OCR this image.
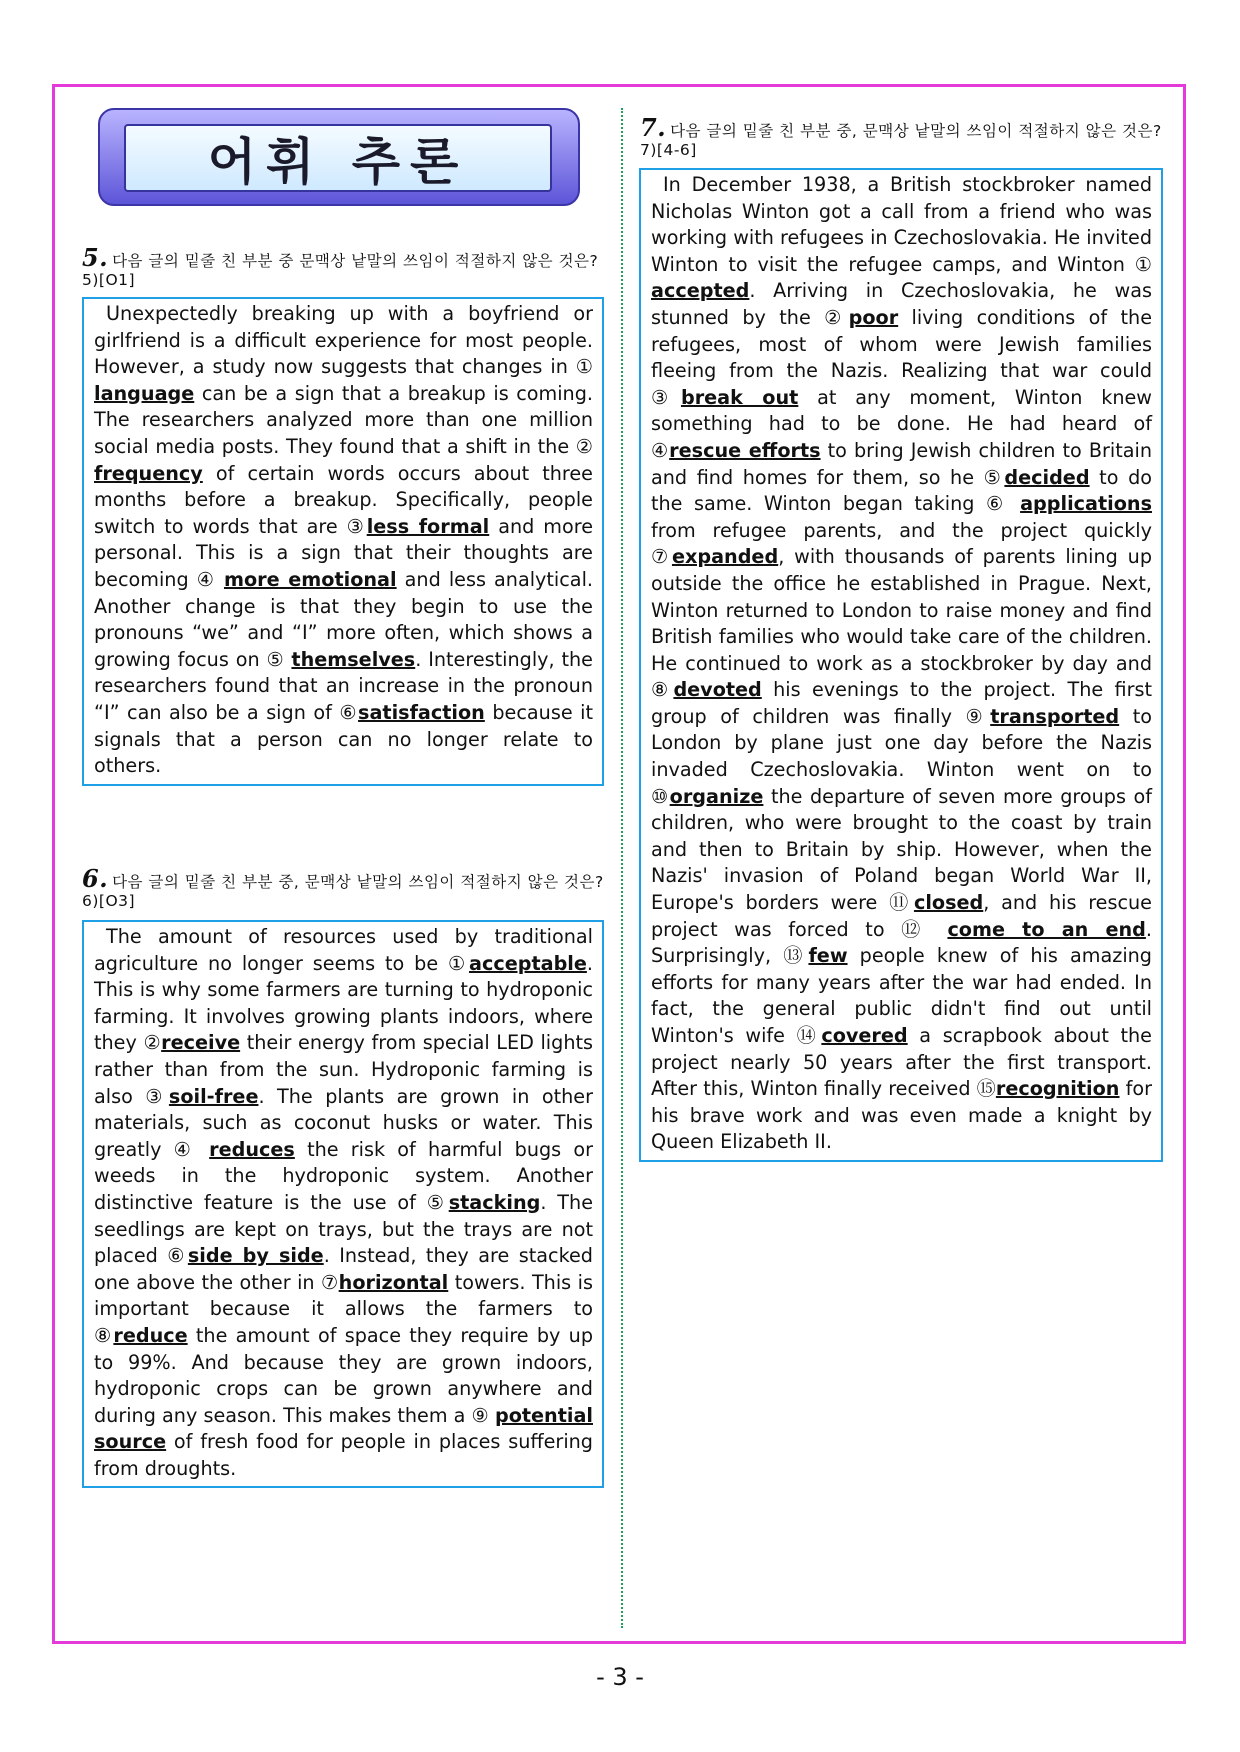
어휘 추론
5. 다음 글의 밑줄 친 부분 중 문맥상 낱말의 쓰임이 적절하지 않은 것은?5)[O1]
Unexpectedly breaking up with a boyfriend or girlfriend is a difficult experience for most people. However, a study now suggests that changes in ① language can be a sign that a breakup is coming. The researchers analyzed more than one million social media posts. They found that a shift in the ② frequency of certain words occurs about three months before a breakup. Specifically, people switch to words that are ③less formal and more personal. This is a sign that their thoughts are becoming ④ more emotional and less analytical. Another change is that they begin to use the pronouns “we” and “I” more often, which shows a growing focus on ⑤ themselves. Interestingly, the researchers found that an increase in the pronoun “I” can also be a sign of ⑥satisfaction because it signals that a person can no longer relate to others.
6. 다음 글의 밑줄 친 부분 중, 문맥상 낱말의 쓰임이 적절하지 않은 것은?6)[O3]
The amount of resources used by traditional agriculture no longer seems to be ①acceptable. This is why some farmers are turning to hydroponic farming. It involves growing plants indoors, where they ②receive their energy from special LED lights rather than from the sun. Hydroponic farming is also ③soil-free. The plants are grown in other materials, such as coconut husks or water. This greatly ④ reduces the risk of harmful bugs or weeds in the hydroponic system. Another distinctive feature is the use of ⑤stacking. The seedlings are kept on trays, but the trays are not placed ⑥side by side. Instead, they are stacked one above the other in ⑦horizontal towers. This is important because it allows the farmers to ⑧reduce the amount of space they require by up to 99%. And because they are grown indoors, hydroponic crops can be grown anywhere and during any season. This makes them a ⑨ potential source of fresh food for people in places suffering from droughts.
7. 다음 글의 밑줄 친 부분 중, 문맥상 낱말의 쓰임이 적절하지 않은 것은?7)[4-6]
In December 1938, a British stockbroker named Nicholas Winton got a call from a friend who was working with refugees in Czechoslovakia. He invited Winton to visit the refugee camps, and Winton ① accepted. Arriving in Czechoslovakia, he was stunned by the ②poor living conditions of the refugees, most of whom were Jewish families fleeing from the Nazis. Realizing that war could ③break out at any moment, Winton knew something had to be done. He had heard of ④rescue efforts to bring Jewish children to Britain and find homes for them, so he ⑤decided to do the same. Winton began taking ⑥ applications from refugee parents, and the project quickly ⑦expanded, with thousands of parents lining up outside the office he established in Prague. Next, Winton returned to London to raise money and find British families who would take care of the children. He continued to work as a stockbroker by day and ⑧devoted his evenings to the project. The first group of children was finally ⑨transported to London by plane just one day before the Nazis invaded Czechoslovakia. Winton went on to ⑩organize the departure of seven more groups of children, who were brought to the coast by train and then to Britain by ship. However, when the Nazis' invasion of Poland began World War II, Europe's borders were ⑪closed, and his rescue project was forced to ⑫ come to an end. Surprisingly, ⑬few people knew of his amazing efforts for many years after the war had ended. In fact, the general public didn't find out until Winton's wife ⑭covered a scrapbook about the project nearly 50 years after the first transport. After this, Winton finally received ⑮recognition for his brave work and was even made a knight by Queen Elizabeth II.
- 3 -
